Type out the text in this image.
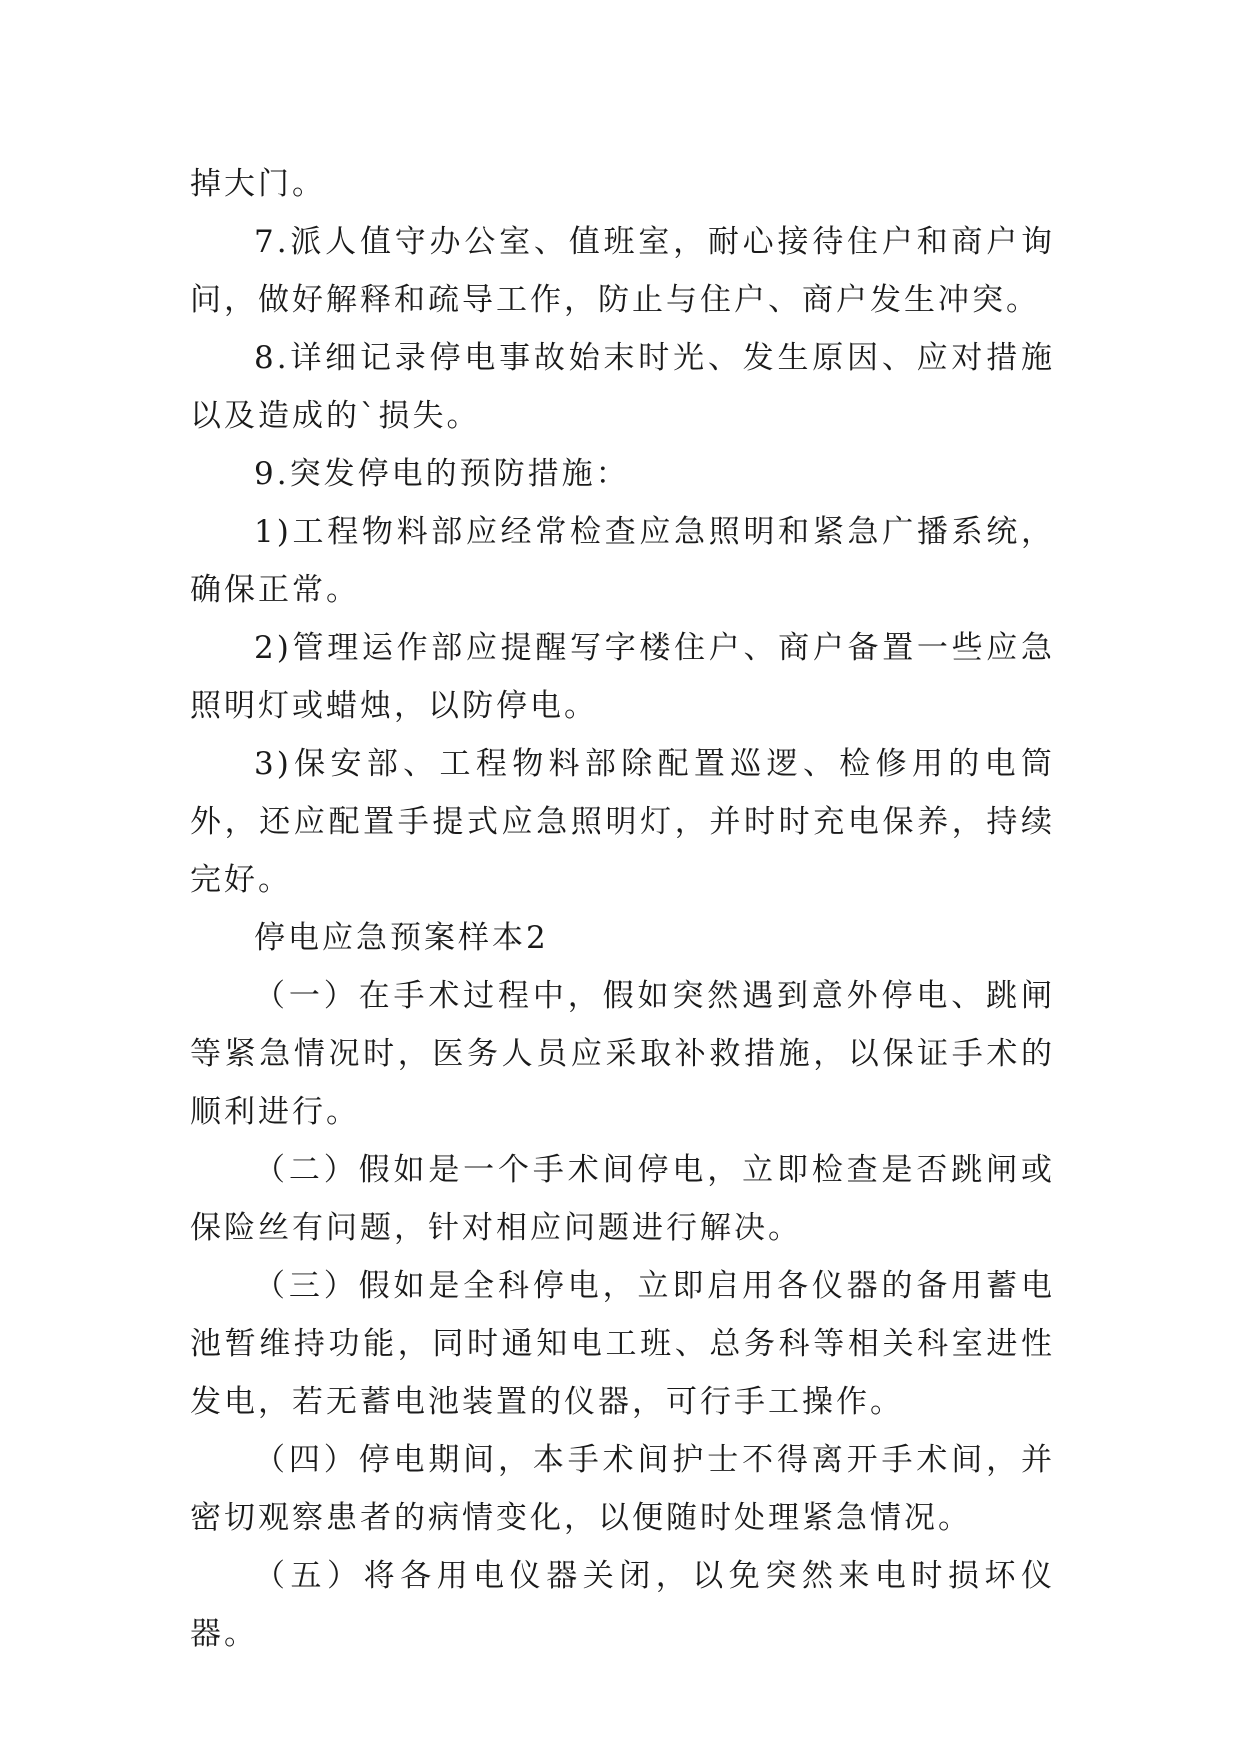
掉大门。

7.派人值守办公室、值班室，耐心接待住户和商户询问，做好解释和疏导工作，防止与住户、商户发生冲突。

8.详细记录停电事故始末时光、发生原因、应对措施以及造成的`损失。

9.突发停电的预防措施：

1)工程物料部应经常检查应急照明和紧急广播系统，确保正常。

2)管理运作部应提醒写字楼住户、商户备置一些应急照明灯或蜡烛，以防停电。

3)保安部、工程物料部除配置巡逻、检修用的电筒外，还应配置手提式应急照明灯，并时时充电保养，持续完好。

停电应急预案样本2

（一）在手术过程中，假如突然遇到意外停电、跳闸等紧急情况时，医务人员应采取补救措施，以保证手术的顺利进行。

（二）假如是一个手术间停电，立即检查是否跳闸或保险丝有问题，针对相应问题进行解决。

（三）假如是全科停电，立即启用各仪器的备用蓄电池暂维持功能，同时通知电工班、总务科等相关科室进性发电，若无蓄电池装置的仪器，可行手工操作。

（四）停电期间，本手术间护士不得离开手术间，并密切观察患者的病情变化，以便随时处理紧急情况。

（五）将各用电仪器关闭，以免突然来电时损坏仪器。
